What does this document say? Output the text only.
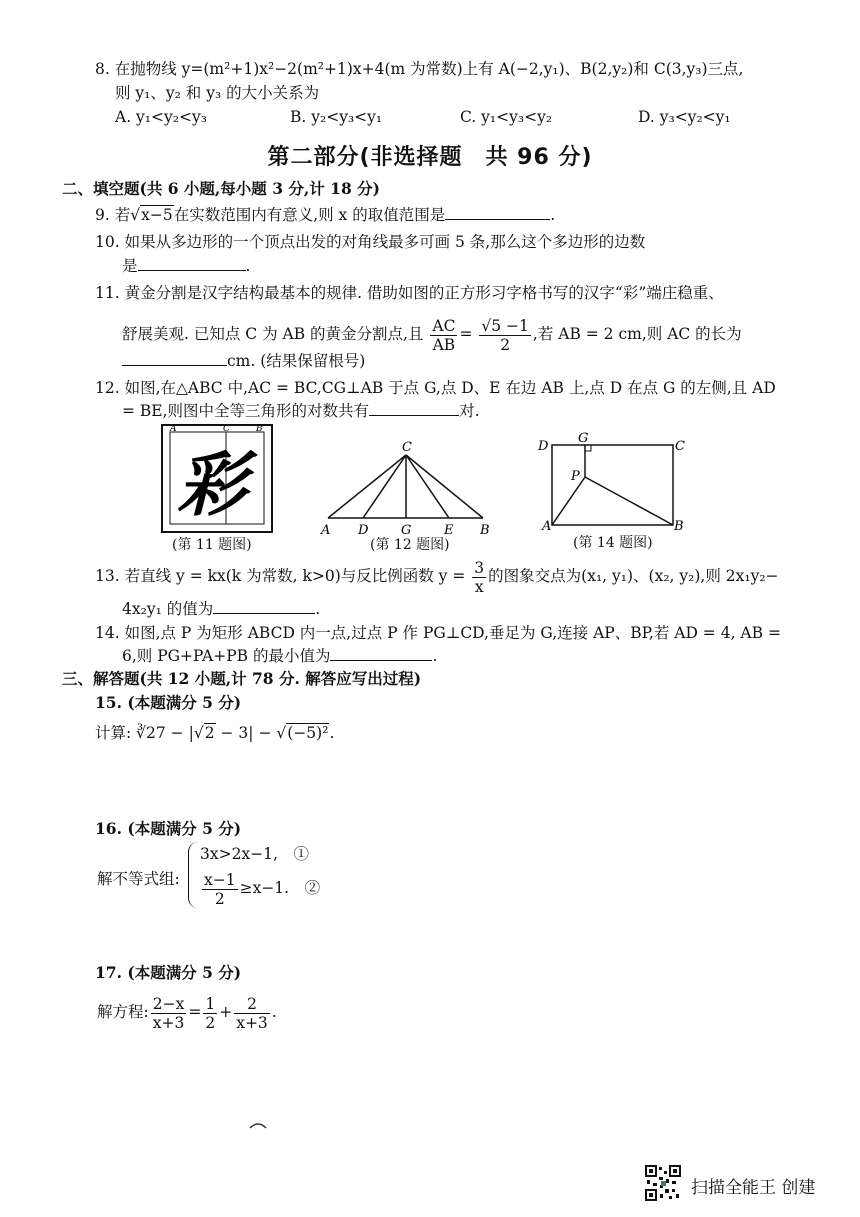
8. 在抛物线 y=(m²+1)x²−2(m²+1)x+4(m 为常数)上有 A(−2,y₁)、B(2,y₂)和 C(3,y₃)三点,
则 y₁、y₂ 和 y₃ 的大小关系为
A. y₁<y₂<y₃	B. y₂<y₃<y₁	C. y₁<y₃<y₂	D. y₃<y₂<y₁
第二部分(非选择题　共 96 分)
二、填空题(共 6 小题,每小题 3 分,计 18 分)
9. 若√x−5在实数范围内有意义,则 x 的取值范围是	.
10. 如果从多边形的一个顶点出发的对角线最多可画 5 条,那么这个多边形的边数
是	.
11. 黄金分割是汉字结构最基本的规律. 借助如图的正方形习字格书写的汉字“彩”端庄稳重、
舒展美观. 已知点 C 为 AB 的黄金分割点,且 $\frac{AC}{AB} = \frac{√5 -1}{2}$ ,若 AB = 2 cm,则 AC 的长为
cm. (结果保留根号)
12. 如图,在△ABC 中,AC = BC,CG⊥AB 于点 G,点 D、E 在边 AB 上,点 D 在点 G 的左侧,且 AD
= BE,则图中全等三角形的对数共有	对.
A	C	B
彩
(第 11 题图)
C
A D	G	E B
(第 12 题图)
D
G
C
P
A	B
(第 14 题图)
13. 若直线 y = kx(k 为常数, k>0)与反比例函数 $y = \frac{3}{x}$ 的图象交点为(x₁, y₁)、(x₂, y₂),则 2x₁y₂−
4x₂y₁ 的值为	.
14. 如图,点 P 为矩形 ABCD 内一点,过点 P 作 PG⊥CD,垂足为 G,连接 AP、BP,若 AD = 4, AB =
6,则 PG+PA+PB 的最小值为	.
三、解答题(共 12 小题,计 78 分. 解答应写出过程)
15. (本题满分 5 分)
计算: ∛27 − |√2 − 3| − √(−5)².
16. (本题满分 5 分)
解不等式组:
3x>2x−1,　①
$\frac{x-1}{2} \ge x-1$.　②
17. (本题满分 5 分)
解方程: $\frac{2-x}{x+3} = \frac{1}{2} + \frac{2}{x+3}$ .
扫描全能王 创建
